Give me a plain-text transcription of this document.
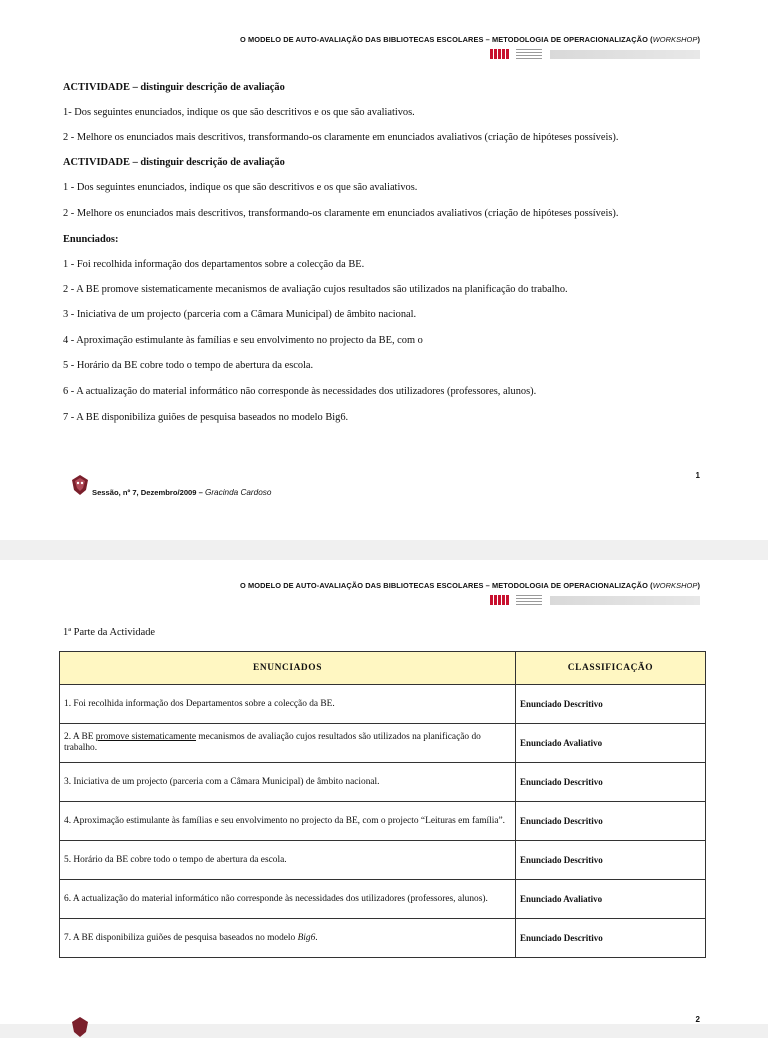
O MODELO DE AUTO-AVALIAÇÃO DAS BIBLIOTECAS ESCOLARES – METODOLOGIA DE OPERACIONALIZAÇÃO (WORKSHOP)

ACTIVIDADE – distinguir descrição de avaliação

1- Dos seguintes enunciados, indique os que são descritivos e os que são avaliativos.

2 - Melhore os enunciados mais descritivos, transformando-os claramente em enunciados avaliativos (criação de hipóteses possíveis).

ACTIVIDADE – distinguir descrição de avaliação

1 - Dos seguintes enunciados, indique os que são descritivos e os que são avaliativos.

2 - Melhore os enunciados mais descritivos, transformando-os claramente em enunciados avaliativos (criação de hipóteses possíveis).

Enunciados:

1 - Foi recolhida informação dos departamentos sobre a colecção da BE.

2 - A BE promove sistematicamente mecanismos de avaliação cujos resultados são utilizados na planificação do trabalho.

3 - Iniciativa de um projecto (parceria com a Câmara Municipal) de âmbito nacional.

4 - Aproximação estimulante às famílias e seu envolvimento no projecto da BE, com o

5 - Horário da BE cobre todo o tempo de abertura da escola.

6 - A actualização do material informático não corresponde às necessidades dos utilizadores (professores, alunos).

7 - A BE disponibiliza guiões de pesquisa baseados no modelo Big6.

Sessão, nº 7, Dezembro/2009 – Gracinda Cardoso
1
O MODELO DE AUTO-AVALIAÇÃO DAS BIBLIOTECAS ESCOLARES – METODOLOGIA DE OPERACIONALIZAÇÃO (WORKSHOP)
1ª Parte da Actividade
ENUNCIADOS	CLASSIFICAÇÃO
1. Foi recolhida informação dos Departamentos sobre a colecção da BE.	Enunciado Descritivo
2. A BE promove sistematicamente mecanismos de avaliação cujos resultados são utilizados na planificação do trabalho.	Enunciado Avaliativo
3. Iniciativa de um projecto (parceria com a Câmara Municipal) de âmbito nacional.	Enunciado Descritivo
4. Aproximação estimulante às famílias e seu envolvimento no projecto da BE, com o projecto “Leituras em família”.	Enunciado Descritivo
5. Horário da BE cobre todo o tempo de abertura da escola.	Enunciado Descritivo
6. A actualização do material informático não corresponde às necessidades dos utilizadores (professores, alunos).	Enunciado Avaliativo
7. A BE disponibiliza guiões de pesquisa baseados no modelo Big6.	Enunciado Descritivo
2
